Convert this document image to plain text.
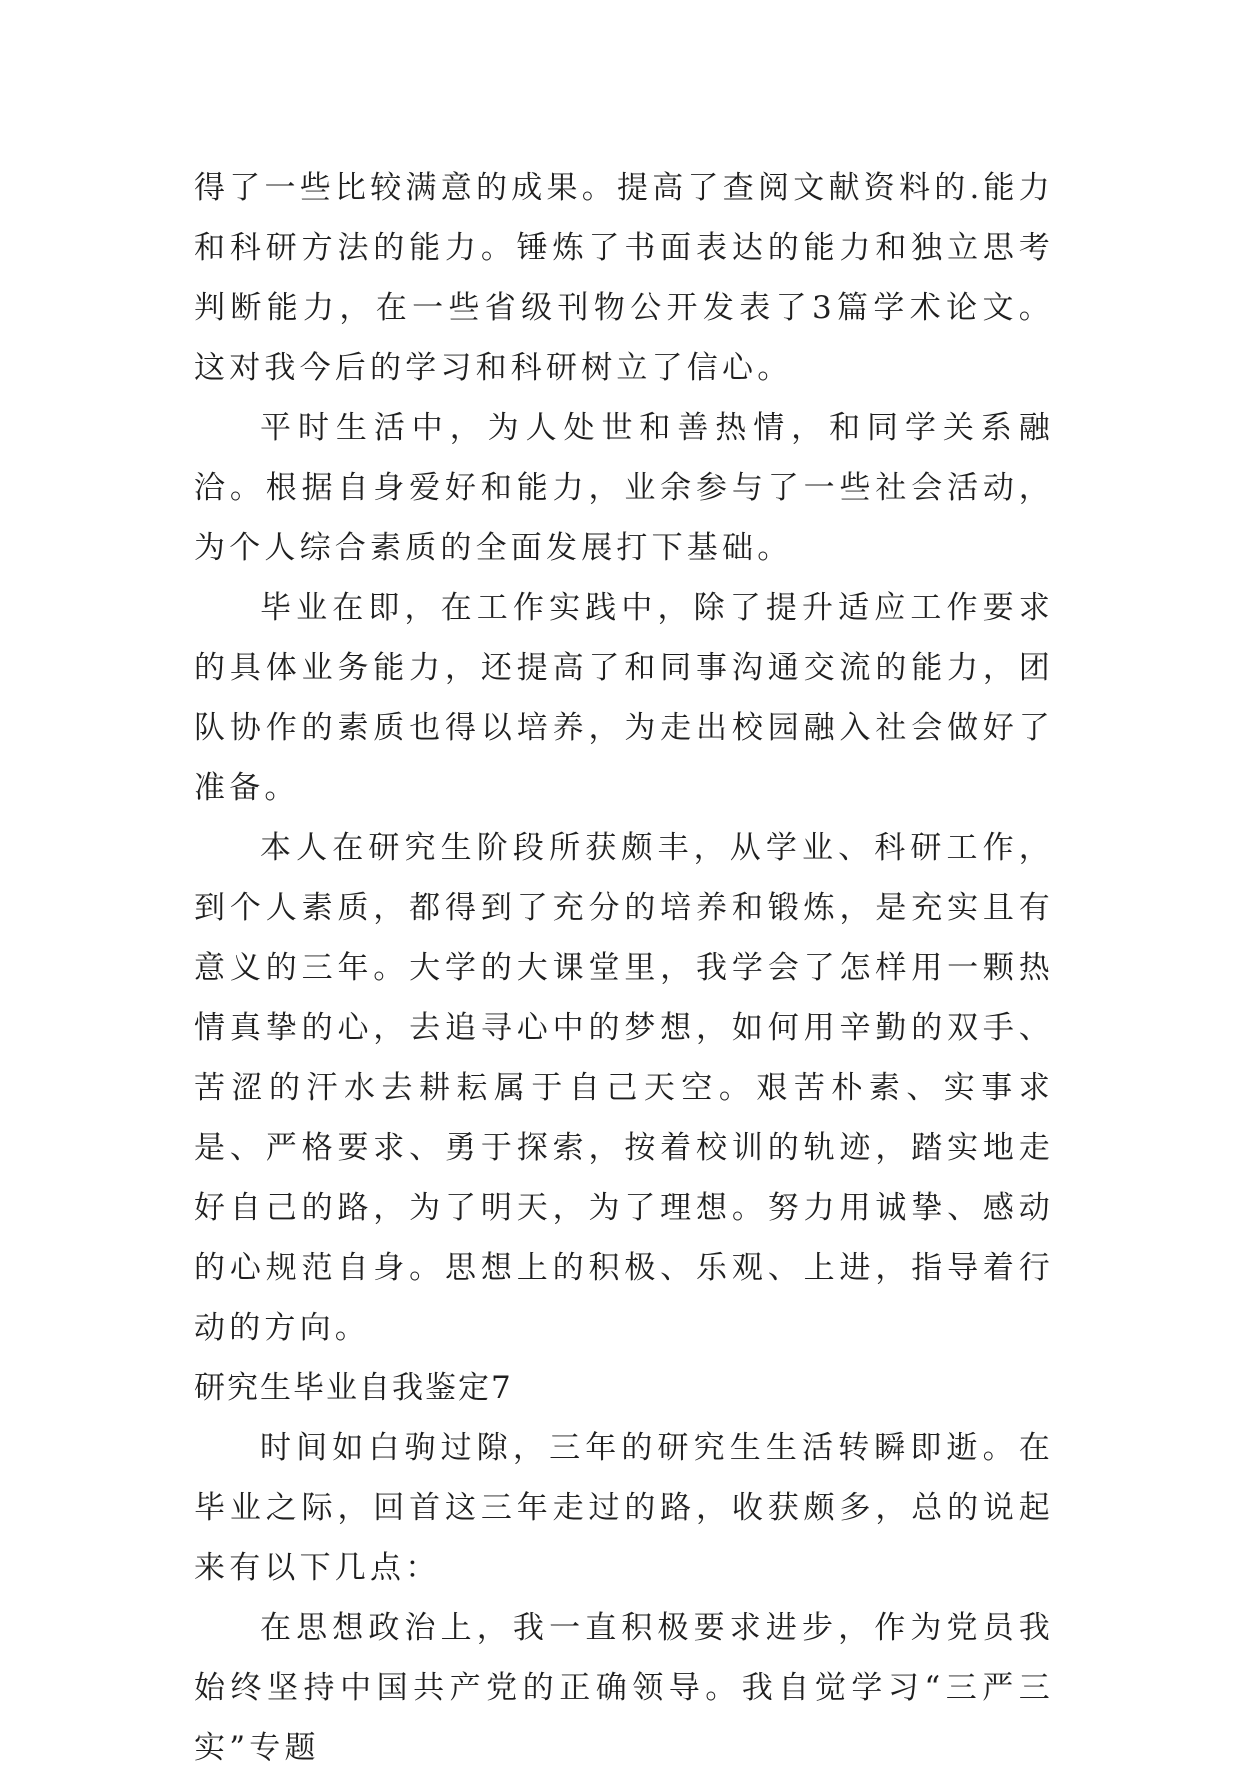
得了一些比较满意的成果。提高了查阅文献资料的.能力和科研方法的能力。锤炼了书面表达的能力和独立思考判断能力，在一些省级刊物公开发表了3篇学术论文。这对我今后的学习和科研树立了信心。

平时生活中，为人处世和善热情，和同学关系融洽。根据自身爱好和能力，业余参与了一些社会活动，为个人综合素质的全面发展打下基础。

毕业在即，在工作实践中，除了提升适应工作要求的具体业务能力，还提高了和同事沟通交流的能力，团队协作的素质也得以培养，为走出校园融入社会做好了准备。

本人在研究生阶段所获颇丰，从学业、科研工作，到个人素质，都得到了充分的培养和锻炼，是充实且有意义的三年。大学的大课堂里，我学会了怎样用一颗热情真挚的心，去追寻心中的梦想，如何用辛勤的双手、苦涩的汗水去耕耘属于自己天空。艰苦朴素、实事求是、严格要求、勇于探索，按着校训的轨迹，踏实地走好自己的路，为了明天，为了理想。努力用诚挚、感动的心规范自身。思想上的积极、乐观、上进，指导着行动的方向。

研究生毕业自我鉴定7

时间如白驹过隙，三年的研究生生活转瞬即逝。在毕业之际，回首这三年走过的路，收获颇多，总的说起来有以下几点：

在思想政治上，我一直积极要求进步，作为党员我始终坚持中国共产党的正确领导。我自觉学习“三严三实”专题
